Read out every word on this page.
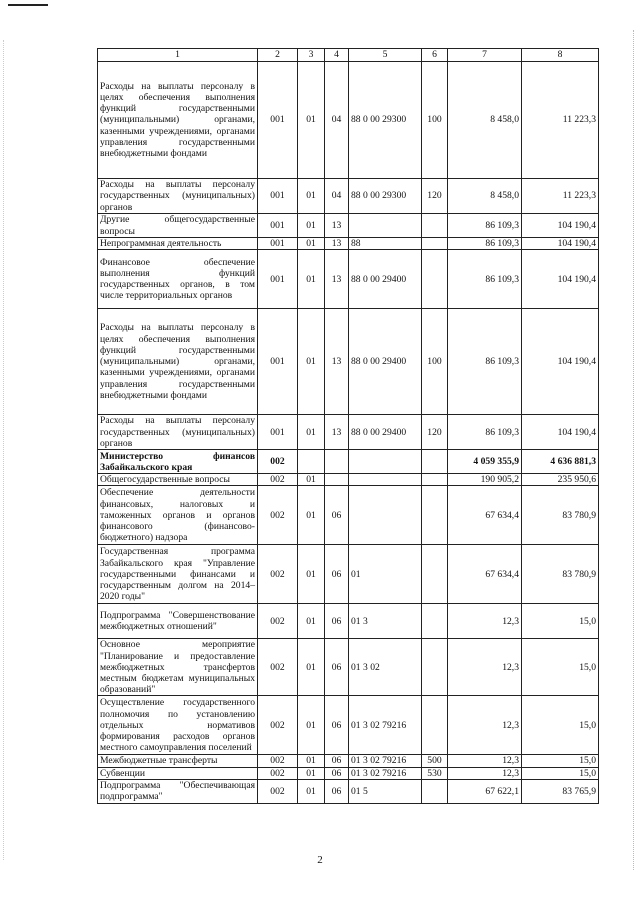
1	2	3	4	5	6	7	8
Расходы на выплаты персоналу в целях обеспечения выполнения функций государственными (муниципальными) органами, казенными учреждениями, органами управления государственными внебюджетными фондами	001	01	04	88 0 00 29300	100	8 458,0	11 223,3
Расходы на выплаты персоналу государственных (муниципальных) органов	001	01	04	88 0 00 29300	120	8 458,0	11 223,3
Другие общегосударственные вопросы	001	01	13			86 109,3	104 190,4
Непрограммная деятельность	001	01	13	88		86 109,3	104 190,4
Финансовое обеспечение выполнения функций государственных органов, в том числе территориальных органов	001	01	13	88 0 00 29400		86 109,3	104 190,4
Расходы на выплаты персоналу в целях обеспечения выполнения функций государственными (муниципальными) органами, казенными учреждениями, органами управления государственными внебюджетными фондами	001	01	13	88 0 00 29400	100	86 109,3	104 190,4
Расходы на выплаты персоналу государственных (муниципальных) органов	001	01	13	88 0 00 29400	120	86 109,3	104 190,4
Министерство финансов Забайкальского края	002					4 059 355,9	4 636 881,3
Общегосударственные вопросы	002	01				190 905,2	235 950,6
Обеспечение деятельности финансовых, налоговых и таможенных органов и органов финансового (финансово-бюджетного) надзора	002	01	06			67 634,4	83 780,9
Государственная программа Забайкальского края "Управление государственными финансами и государственным долгом на 2014–2020 годы"	002	01	06	01		67 634,4	83 780,9
Подпрограмма "Совершенствование межбюджетных отношений"	002	01	06	01 3		12,3	15,0
Основное мероприятие "Планирование и предоставление межбюджетных трансфертов местным бюджетам муниципальных образований"	002	01	06	01 3 02		12,3	15,0
Осуществление государственного полномочия по установлению отдельных нормативов формирования расходов органов местного самоуправления поселений	002	01	06	01 3 02 79216		12,3	15,0
Межбюджетные трансферты	002	01	06	01 3 02 79216	500	12,3	15,0
Субвенции	002	01	06	01 3 02 79216	530	12,3	15,0
Подпрограмма "Обеспечивающая подпрограмма"	002	01	06	01 5		67 622,1	83 765,9
2
